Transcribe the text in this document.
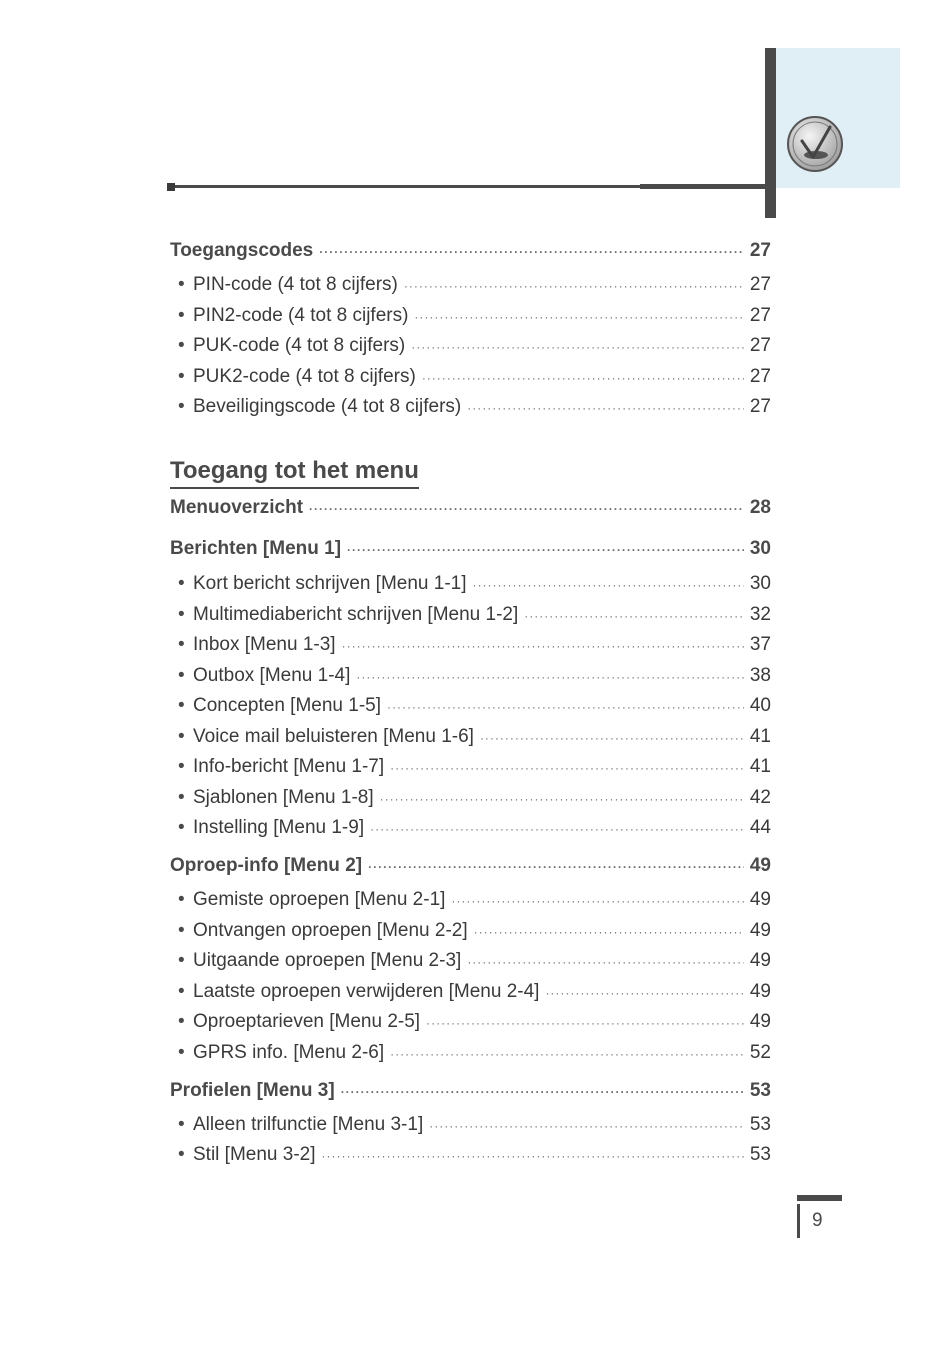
Toegangscodes ·····	27
• PIN-code (4 tot 8 cijfers) ·····	27
• PIN2-code (4 tot 8 cijfers) ·····	27
• PUK-code (4 tot 8 cijfers) ·····	27
• PUK2-code (4 tot 8 cijfers) ·····	27
• Beveiligingscode (4 tot 8 cijfers) ·····	27
Toegang tot het menu
Menuoverzicht ·····	28
Berichten [Menu 1] ·····	30
• Kort bericht schrijven [Menu 1-1] ·····	30
• Multimediabericht schrijven [Menu 1-2] ·····	32
• Inbox [Menu 1-3] ·····	37
• Outbox [Menu 1-4] ·····	38
• Concepten [Menu 1-5] ·····	40
• Voice mail beluisteren [Menu 1-6] ·····	41
• Info-bericht [Menu 1-7] ·····	41
• Sjablonen [Menu 1-8] ·····	42
• Instelling [Menu 1-9] ·····	44
Oproep-info [Menu 2] ·····	49
• Gemiste oproepen [Menu 2-1] ·····	49
• Ontvangen oproepen [Menu 2-2] ·····	49
• Uitgaande oproepen [Menu 2-3] ·····	49
• Laatste oproepen verwijderen [Menu 2-4] ·····	49
• Oproeptarieven [Menu 2-5] ·····	49
• GPRS info. [Menu 2-6] ·····	52
Profielen [Menu 3] ·····	53
• Alleen trilfunctie [Menu 3-1] ·····	53
• Stil [Menu 3-2] ·····	53
9
